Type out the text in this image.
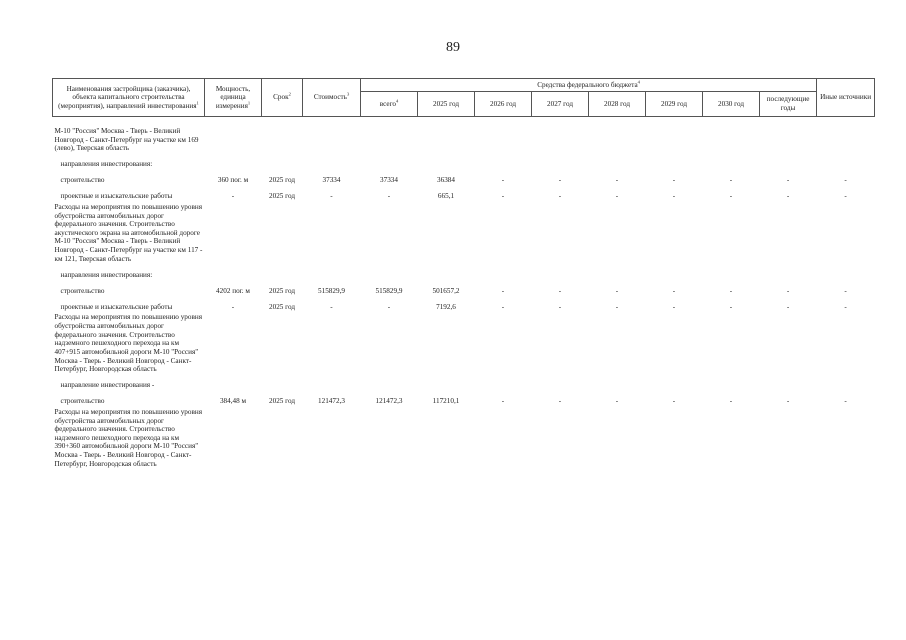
89
Наименования застройщика (заказчика), объекта капитального строительства (мероприятия), направлений инвестирования$^1$	Мощность, единица измерения$^1$	Срок$^2$	Стоимость$^3$	Средства федерального бюджета$^4$								Иные источники
				всего$^4$	2025 год	2026 год	2027 год	2028 год	2029 год	2030 год	последующие годы	
М-10 "Россия" Москва - Тверь - Великий Новгород - Санкт-Петербург на участке км 169 (лево), Тверская область												
направления инвестирования:												
строительство	360 пог. м	2025 год	37334	37334	36384	-	-	-	-	-	-	-
проектные и изыскательские работы	-	2025 год	-	-	665,1	-	-	-	-	-	-	-
Расходы на мероприятия по повышению уровня обустройства автомобильных дорог федерального значения. Строительство акустического экрана на автомобильной дороге М-10 "Россия" Москва - Тверь - Великий Новгород - Санкт-Петербург на участке км 117 - км 121, Тверская область												
направления инвестирования:												
строительство	4202 пог. м	2025 год	515829,9	515829,9	501657,2	-	-	-	-	-	-	-
проектные и изыскательские работы	-	2025 год	-	-	7192,6	-	-	-	-	-	-	-
Расходы на мероприятия по повышению уровня обустройства автомобильных дорог федерального значения. Строительство надземного пешеходного перехода на км 407+915 автомобильной дороги М-10 "Россия" Москва - Тверь - Великий Новгород - Санкт-Петербург, Новгородская область												
направление инвестирования -												
строительство	384,48 м	2025 год	121472,3	121472,3	117210,1	-	-	-	-	-	-	-
Расходы на мероприятия по повышению уровня обустройства автомобильных дорог федерального значения. Строительство надземного пешеходного перехода на км 390+360 автомобильной дороги М-10 "Россия" Москва - Тверь - Великий Новгород - Санкт-Петербург, Новгородская область												
